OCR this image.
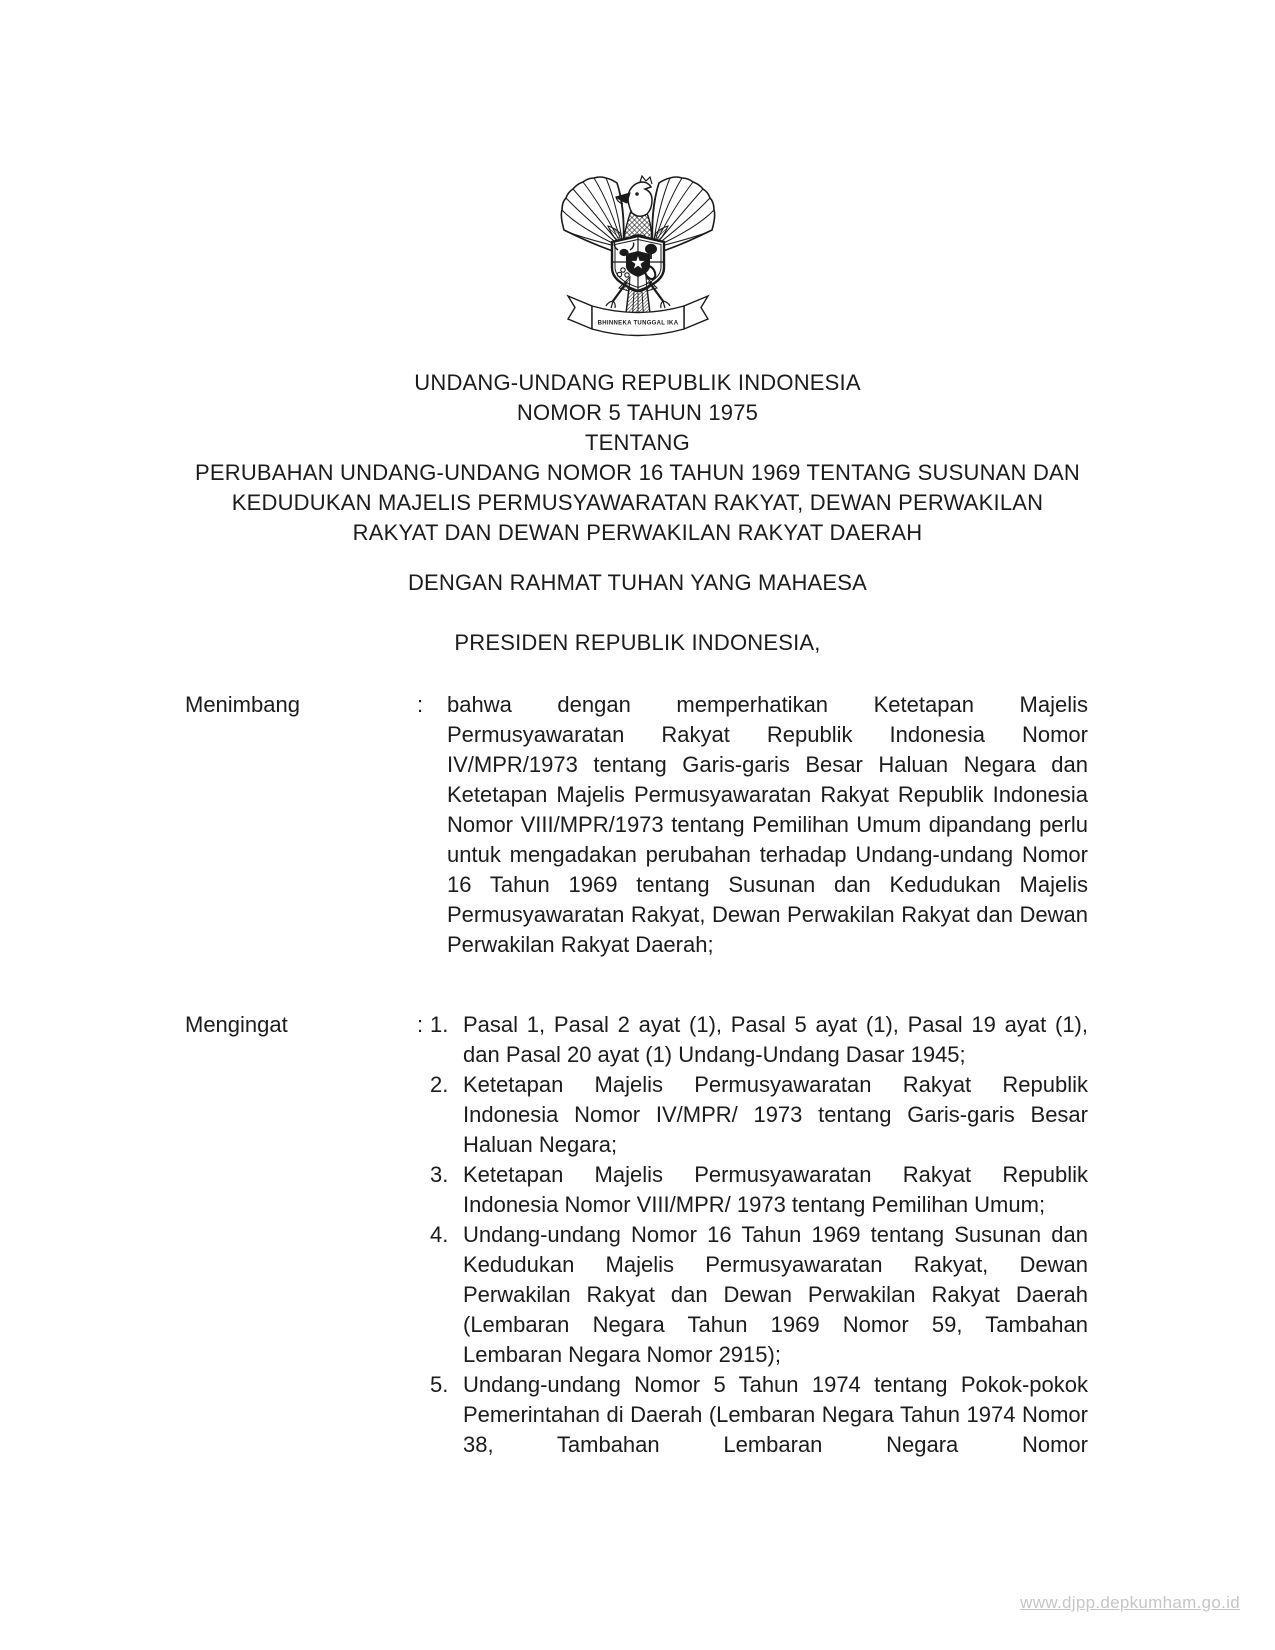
BHINNEKA TUNGGAL IKA
UNDANG-UNDANG REPUBLIK INDONESIA
NOMOR 5 TAHUN 1975
TENTANG
PERUBAHAN UNDANG-UNDANG NOMOR 16 TAHUN 1969 TENTANG SUSUNAN DAN
KEDUDUKAN MAJELIS PERMUSYAWARATAN RAKYAT, DEWAN PERWAKILAN
RAKYAT DAN DEWAN PERWAKILAN RAKYAT DAERAH
DENGAN RAHMAT TUHAN YANG MAHAESA
PRESIDEN REPUBLIK INDONESIA,
Menimbang	:	bahwa dengan memperhatikan Ketetapan Majelis Permusyawaratan Rakyat Republik Indonesia Nomor IV/MPR/1973 tentang Garis-garis Besar Haluan Negara dan Ketetapan Majelis Permusyawaratan Rakyat Republik Indonesia Nomor VIII/MPR/1973 tentang Pemilihan Umum dipandang perlu untuk mengadakan perubahan terhadap Undang-undang Nomor 16 Tahun 1969 tentang Susunan dan Kedudukan Majelis Permusyawaratan Rakyat, Dewan Perwakilan Rakyat dan Dewan Perwakilan Rakyat Daerah;
Mengingat	: 1. Pasal 1, Pasal 2 ayat (1), Pasal 5 ayat (1), Pasal 19 ayat (1), dan Pasal 20 ayat (1) Undang-Undang Dasar 1945;
2. Ketetapan Majelis Permusyawaratan Rakyat Republik Indonesia Nomor IV/MPR/ 1973 tentang Garis-garis Besar Haluan Negara;
3. Ketetapan Majelis Permusyawaratan Rakyat Republik Indonesia Nomor VIII/MPR/ 1973 tentang Pemilihan Umum;
4. Undang-undang Nomor 16 Tahun 1969 tentang Susunan dan Kedudukan Majelis Permusyawaratan Rakyat, Dewan Perwakilan Rakyat dan Dewan Perwakilan Rakyat Daerah (Lembaran Negara Tahun 1969 Nomor 59, Tambahan Lembaran Negara Nomor 2915);
5. Undang-undang Nomor 5 Tahun 1974 tentang Pokok-pokok Pemerintahan di Daerah (Lembaran Negara Tahun 1974 Nomor 38, Tambahan Lembaran Negara Nomor
www.djpp.depkumham.go.id
